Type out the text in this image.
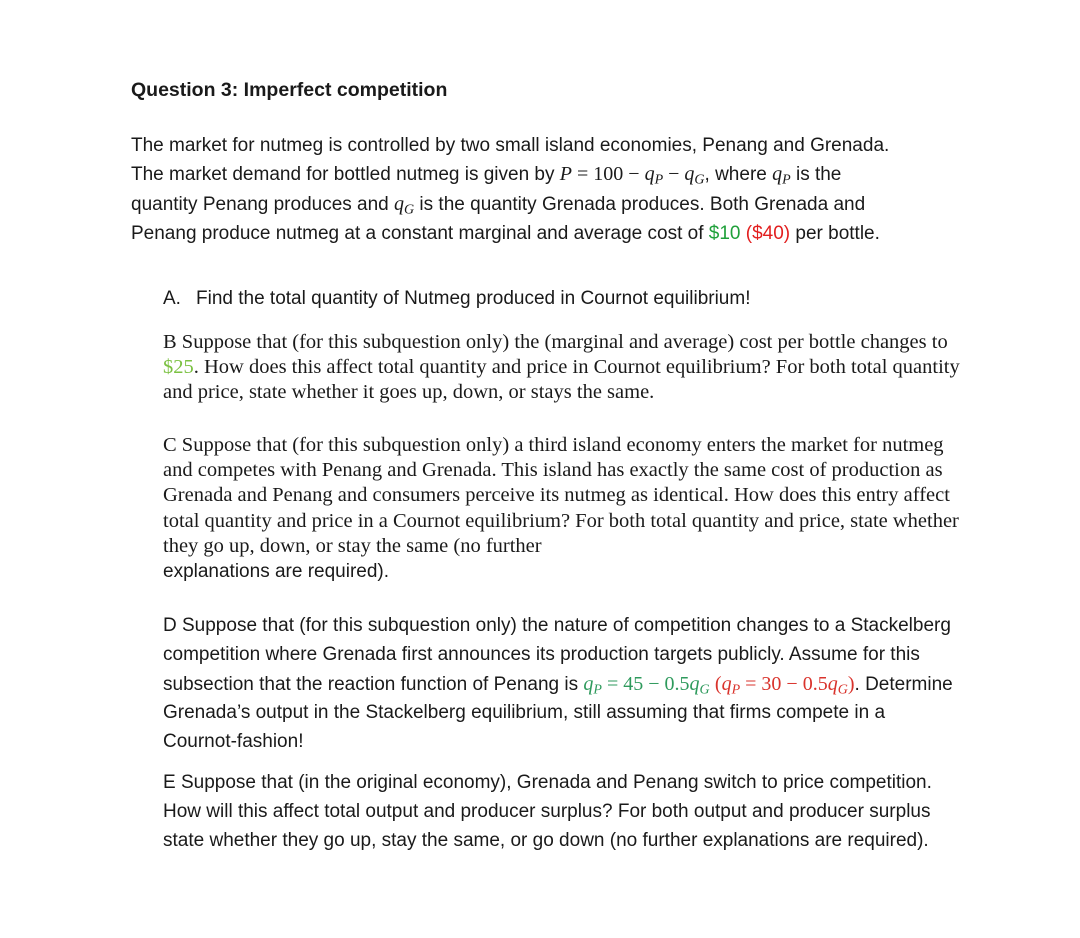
Question 3: Imperfect competition
The market for nutmeg is controlled by two small island economies, Penang and Grenada.
The market demand for bottled nutmeg is given by $P = 100 - q_P - q_G$, where $q_P$ is the
quantity Penang produces and $q_G$ is the quantity Grenada produces. Both Grenada and
Penang produce nutmeg at a constant marginal and average cost of $10 ($40) per bottle.
A. Find the total quantity of Nutmeg produced in Cournot equilibrium!
B Suppose that (for this subquestion only) the (marginal and average) cost per bottle changes to $25. How does this affect total quantity and price in Cournot equilibrium? For both total quantity and price, state whether it goes up, down, or stays the same.
C Suppose that (for this subquestion only) a third island economy enters the market for nutmeg and competes with Penang and Grenada. This island has exactly the same cost of production as Grenada and Penang and consumers perceive its nutmeg as identical. How does this entry affect total quantity and price in a Cournot equilibrium? For both total quantity and price, state whether they go up, down, or stay the same (no further
explanations are required).
D Suppose that (for this subquestion only) the nature of competition changes to a Stackelberg competition where Grenada first announces its production targets publicly. Assume for this subsection that the reaction function of Penang is $q_P = 45 - 0.5q_G$ $(q_P = 30 - 0.5q_G)$. Determine Grenada’s output in the Stackelberg equilibrium, still assuming that firms compete in a Cournot-fashion!
E Suppose that (in the original economy), Grenada and Penang switch to price competition. How will this affect total output and producer surplus? For both output and producer surplus state whether they go up, stay the same, or go down (no further explanations are required).
